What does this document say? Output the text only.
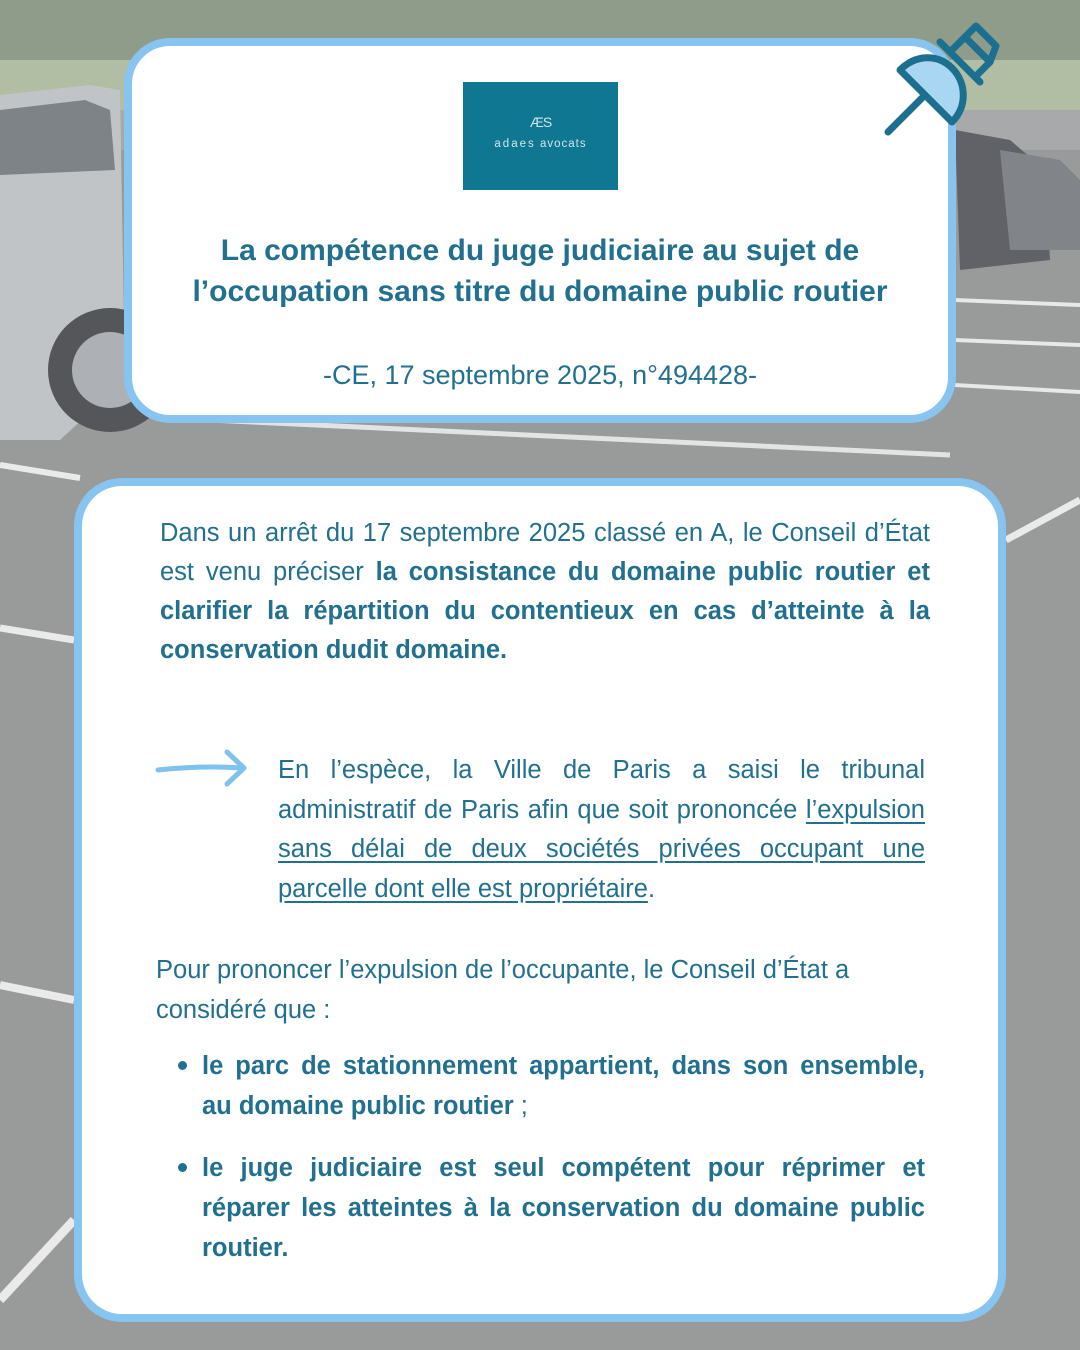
ÆS
adaes avocats
La compétence du juge judiciaire au sujet de l’occupation sans titre du domaine public routier
-CE, 17 septembre 2025, n°494428-
Dans un arrêt du 17 septembre 2025 classé en A, le Conseil d’État est venu préciser la consistance du domaine public routier et clarifier la répartition du contentieux en cas d’atteinte à la conservation dudit domaine.
En l’espèce, la Ville de Paris a saisi le tribunal administratif de Paris afin que soit prononcée l’expulsion sans délai de deux sociétés privées occupant une parcelle dont elle est propriétaire.
Pour prononcer l’expulsion de l’occupante, le Conseil d’État a considéré que :
le parc de stationnement appartient, dans son ensemble, au domaine public routier ;
le juge judiciaire est seul compétent pour réprimer et réparer les atteintes à la conservation du domaine public routier.
